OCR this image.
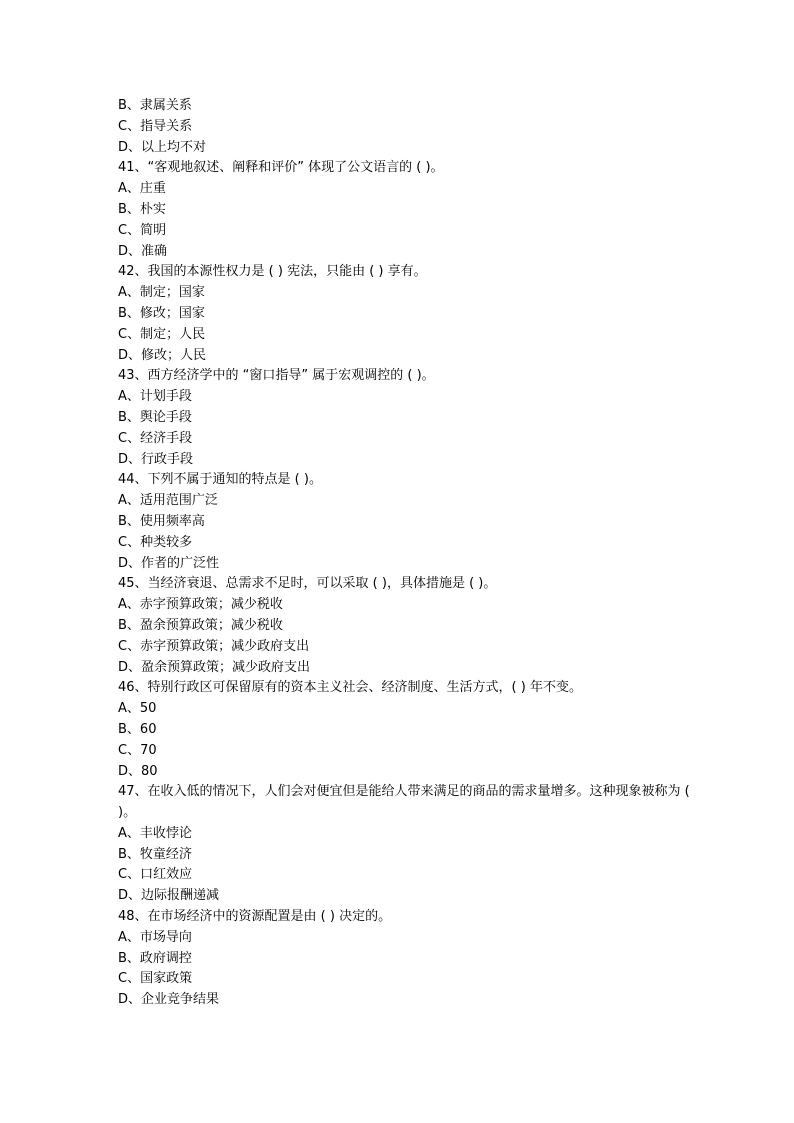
B、隶属关系
C、指导关系
D、以上均不对
41、“客观地叙述、阐释和评价” 体现了公文语言的 ( )。
A、庄重
B、朴实
C、简明
D、准确
42、我国的本源性权力是 ( ) 宪法，只能由 ( ) 享有。
A、制定；国家
B、修改；国家
C、制定；人民
D、修改；人民
43、西方经济学中的 “窗口指导” 属于宏观调控的 ( )。
A、计划手段
B、舆论手段
C、经济手段
D、行政手段
44、下列不属于通知的特点是 ( )。
A、适用范围广泛
B、使用频率高
C、种类较多
D、作者的广泛性
45、当经济衰退、总需求不足时，可以采取 ( )，具体措施是 ( )。
A、赤字预算政策；减少税收
B、盈余预算政策；减少税收
C、赤字预算政策；减少政府支出
D、盈余预算政策；减少政府支出
46、特别行政区可保留原有的资本主义社会、经济制度、生活方式，( ) 年不变。
A、50
B、60
C、70
D、80
47、在收入低的情况下，人们会对便宜但是能给人带来满足的商品的需求量增多。这种现象被称为 ( )。
A、丰收悖论
B、牧童经济
C、口红效应
D、边际报酬递减
48、在市场经济中的资源配置是由 ( ) 决定的。
A、市场导向
B、政府调控
C、国家政策
D、企业竞争结果
